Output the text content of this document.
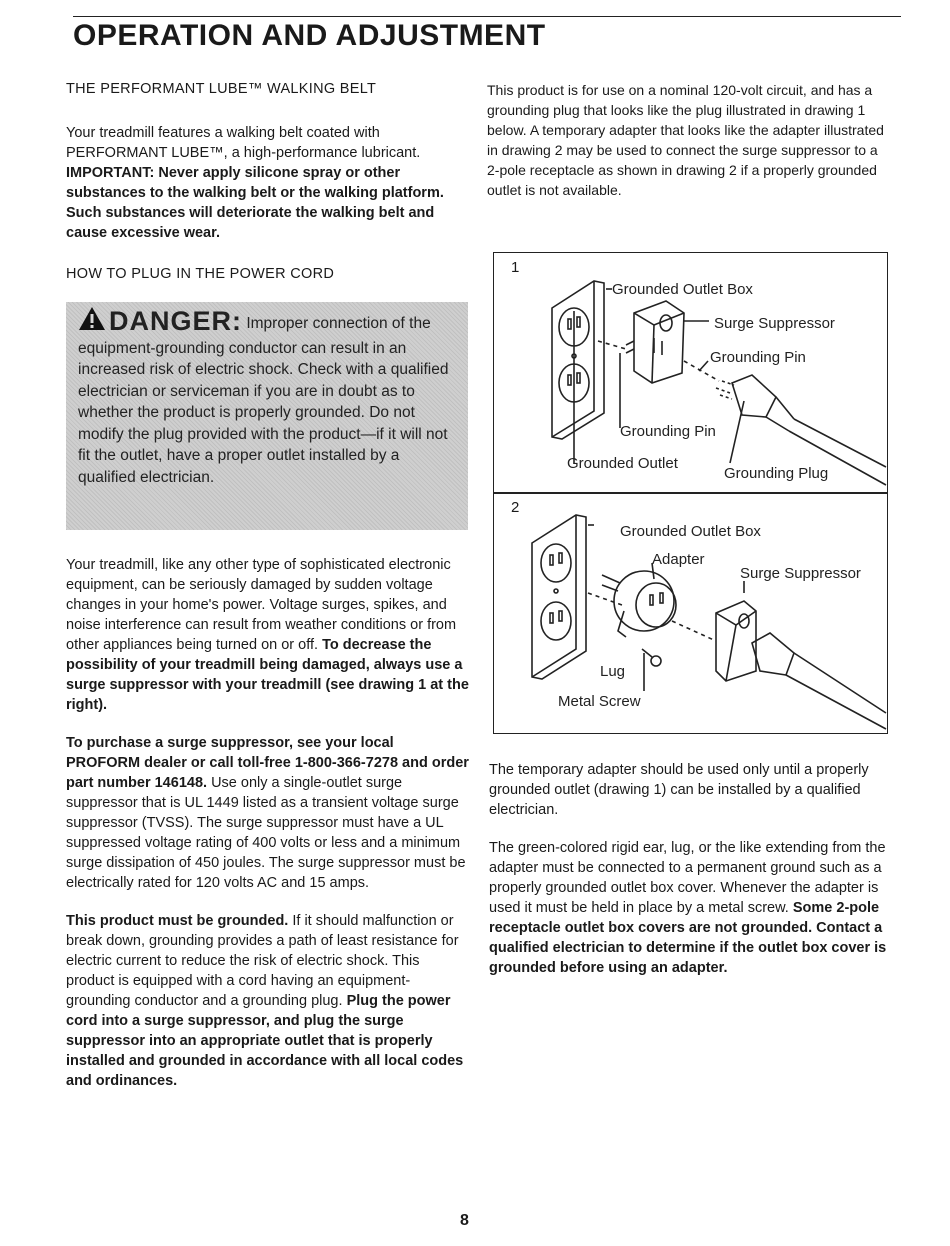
OPERATION AND ADJUSTMENT

THE PERFORMANT LUBE™ WALKING BELT

Your treadmill features a walking belt coated with PERFORMANT LUBE™, a high-performance lubricant. IMPORTANT: Never apply silicone spray or other substances to the walking belt or the walking platform. Such substances will deteriorate the walking belt and cause excessive wear.

HOW TO PLUG IN THE POWER CORD

DANGER: Improper connection of the equipment-grounding conductor can result in an increased risk of electric shock. Check with a qualified electrician or serviceman if you are in doubt as to whether the product is properly grounded. Do not modify the plug provided with the product—if it will not fit the outlet, have a proper outlet installed by a qualified electrician.

Your treadmill, like any other type of sophisticated electronic equipment, can be seriously damaged by sudden voltage changes in your home's power. Voltage surges, spikes, and noise interference can result from weather conditions or from other appliances being turned on or off. To decrease the possibility of your treadmill being damaged, always use a surge suppressor with your treadmill (see drawing 1 at the right).

To purchase a surge suppressor, see your local PROFORM dealer or call toll-free 1-800-366-7278 and order part number 146148. Use only a single-outlet surge suppressor that is UL 1449 listed as a transient voltage surge suppressor (TVSS). The surge suppressor must have a UL suppressed voltage rating of 400 volts or less and a minimum surge dissipation of 450 joules. The surge suppressor must be electrically rated for 120 volts AC and 15 amps.

This product must be grounded. If it should malfunction or break down, grounding provides a path of least resistance for electric current to reduce the risk of electric shock. This product is equipped with a cord having an equipment-grounding conductor and a grounding plug. Plug the power cord into a surge suppressor, and plug the surge suppressor into an appropriate outlet that is properly installed and grounded in accordance with all local codes and ordinances.

This product is for use on a nominal 120-volt circuit, and has a grounding plug that looks like the plug illustrated in drawing 1 below. A temporary adapter that looks like the adapter illustrated in drawing 2 may be used to connect the surge suppressor to a 2-pole receptacle as shown in drawing 2 if a properly grounded outlet is not available.

1
Grounded Outlet Box
Surge Suppressor
Grounding Pin
Grounding Pin
Grounded Outlet
Grounding Plug
2
Grounded Outlet Box
Adapter
Surge Suppressor
Lug
Metal Screw

The temporary adapter should be used only until a properly grounded outlet (drawing 1) can be installed by a qualified electrician.

The green-colored rigid ear, lug, or the like extending from the adapter must be connected to a permanent ground such as a properly grounded outlet box cover. Whenever the adapter is used it must be held in place by a metal screw. Some 2-pole receptacle outlet box covers are not grounded. Contact a qualified electrician to determine if the outlet box cover is grounded before using an adapter.

8
